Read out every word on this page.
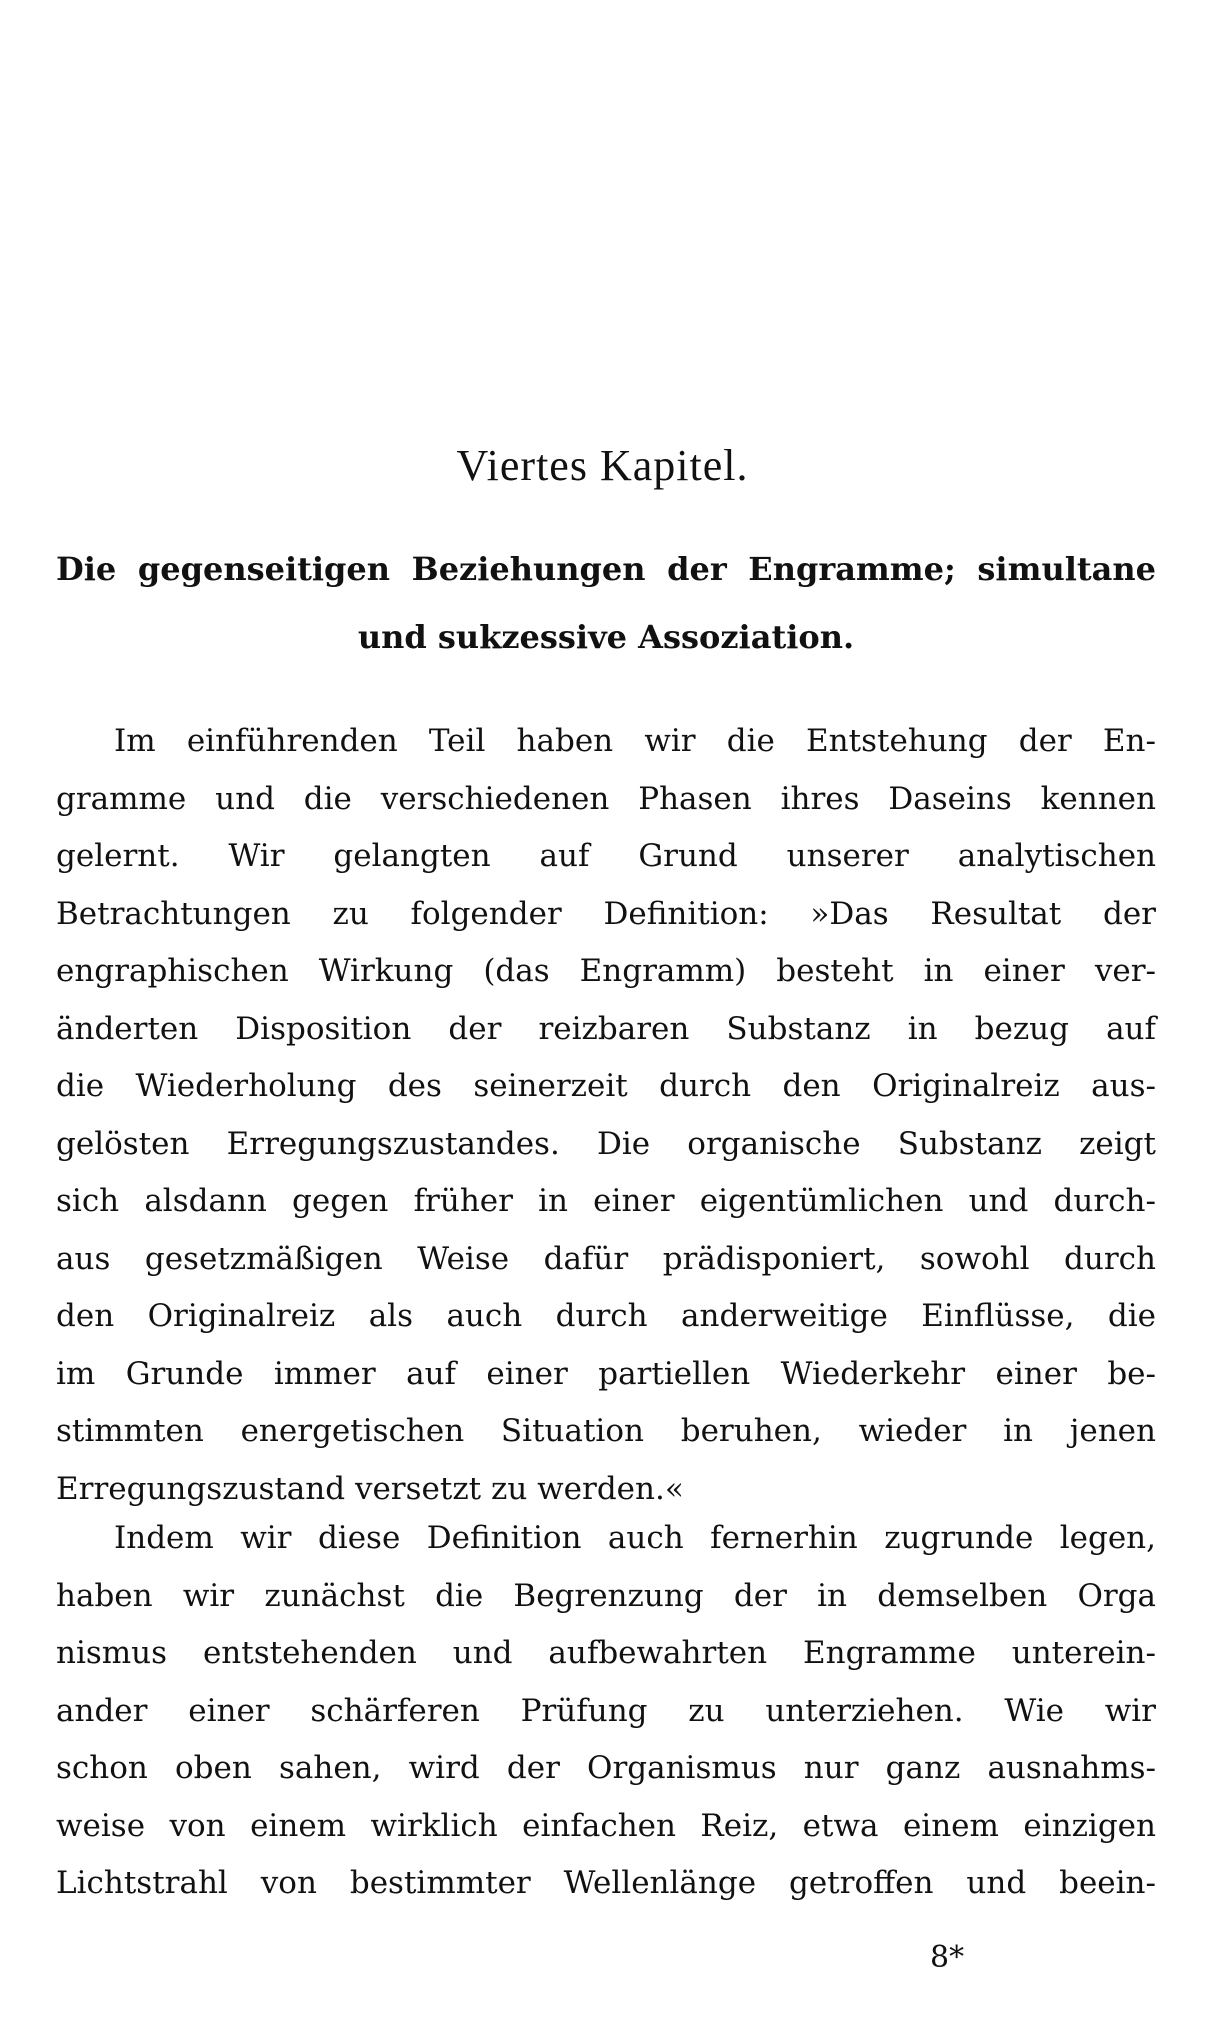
Viertes Kapitel.
Die gegenseitigen Beziehungen der Engramme; simultane
und sukzessive Assoziation.
Im einführenden Teil haben wir die Entstehung der En-
gramme und die verschiedenen Phasen ihres Daseins kennen
gelernt. Wir gelangten auf Grund unserer analytischen
Betrachtungen zu folgender Definition: »Das Resultat der
engraphischen Wirkung (das Engramm) besteht in einer ver-
änderten Disposition der reizbaren Substanz in bezug auf
die Wiederholung des seinerzeit durch den Originalreiz aus-
gelösten Erregungszustandes. Die organische Substanz zeigt
sich alsdann gegen früher in einer eigentümlichen und durch-
aus gesetzmäßigen Weise dafür prädisponiert, sowohl durch
den Originalreiz als auch durch anderweitige Einflüsse, die
im Grunde immer auf einer partiellen Wiederkehr einer be-
stimmten energetischen Situation beruhen, wieder in jenen
Erregungszustand versetzt zu werden.«
Indem wir diese Definition auch fernerhin zugrunde legen,
haben wir zunächst die Begrenzung der in demselben Orga
nismus entstehenden und aufbewahrten Engramme unterein-
ander einer schärferen Prüfung zu unterziehen. Wie wir
schon oben sahen, wird der Organismus nur ganz ausnahms-
weise von einem wirklich einfachen Reiz, etwa einem einzigen
Lichtstrahl von bestimmter Wellenlänge getroffen und beein-
8*
